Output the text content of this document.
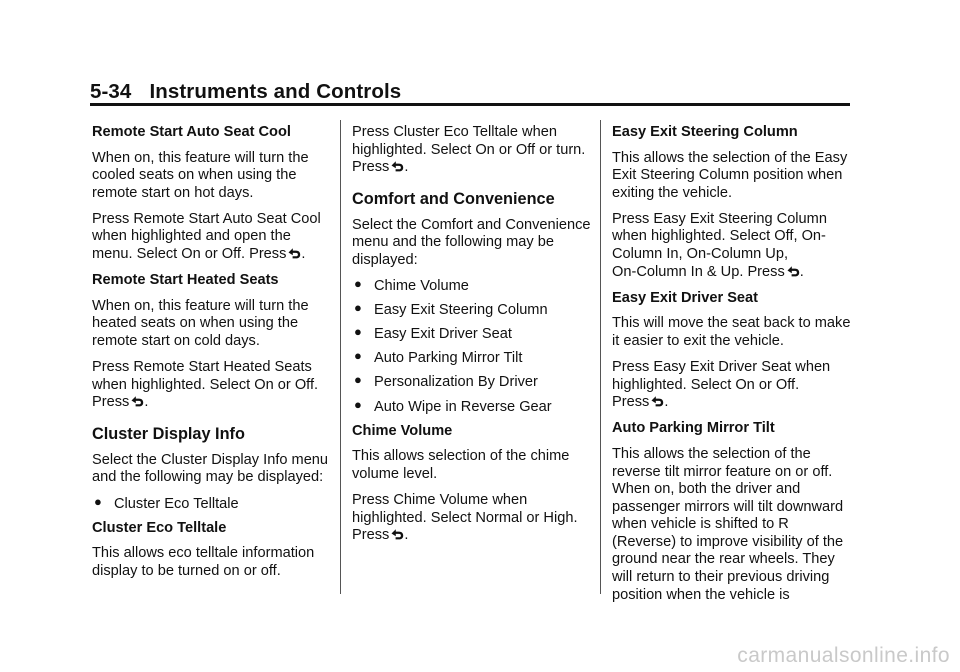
5-34 Instruments and Controls

Remote Start Auto Seat Cool

When on, this feature will turn the cooled seats on when using the remote start on hot days.

Press Remote Start Auto Seat Cool when highlighted and open the menu. Select On or Off. Press .

Remote Start Heated Seats

When on, this feature will turn the heated seats on when using the remote start on cold days.

Press Remote Start Heated Seats when highlighted. Select On or Off.
Press .

Cluster Display Info

Select the Cluster Display Info menu and the following may be displayed:

● Cluster Eco Telltale

Cluster Eco Telltale

This allows eco telltale information display to be turned on or off.

Press Cluster Eco Telltale when highlighted. Select On or Off or turn.
Press .

Comfort and Convenience

Select the Comfort and Convenience menu and the following may be displayed:

● Chime Volume

● Easy Exit Steering Column

● Easy Exit Driver Seat

● Auto Parking Mirror Tilt

● Personalization By Driver

● Auto Wipe in Reverse Gear

Chime Volume

This allows selection of the chime volume level.

Press Chime Volume when highlighted. Select Normal or High.
Press .

Easy Exit Steering Column

This allows the selection of the Easy Exit Steering Column position when exiting the vehicle.

Press Easy Exit Steering Column when highlighted. Select Off, On-Column In, On-Column Up,
On-Column In & Up. Press .

Easy Exit Driver Seat

This will move the seat back to make it easier to exit the vehicle.

Press Easy Exit Driver Seat when highlighted. Select On or Off.
Press .

Auto Parking Mirror Tilt

This allows the selection of the reverse tilt mirror feature on or off. When on, both the driver and passenger mirrors will tilt downward when vehicle is shifted to R (Reverse) to improve visibility of the ground near the rear wheels. They will return to their previous driving position when the vehicle is

carmanualsonline.info
